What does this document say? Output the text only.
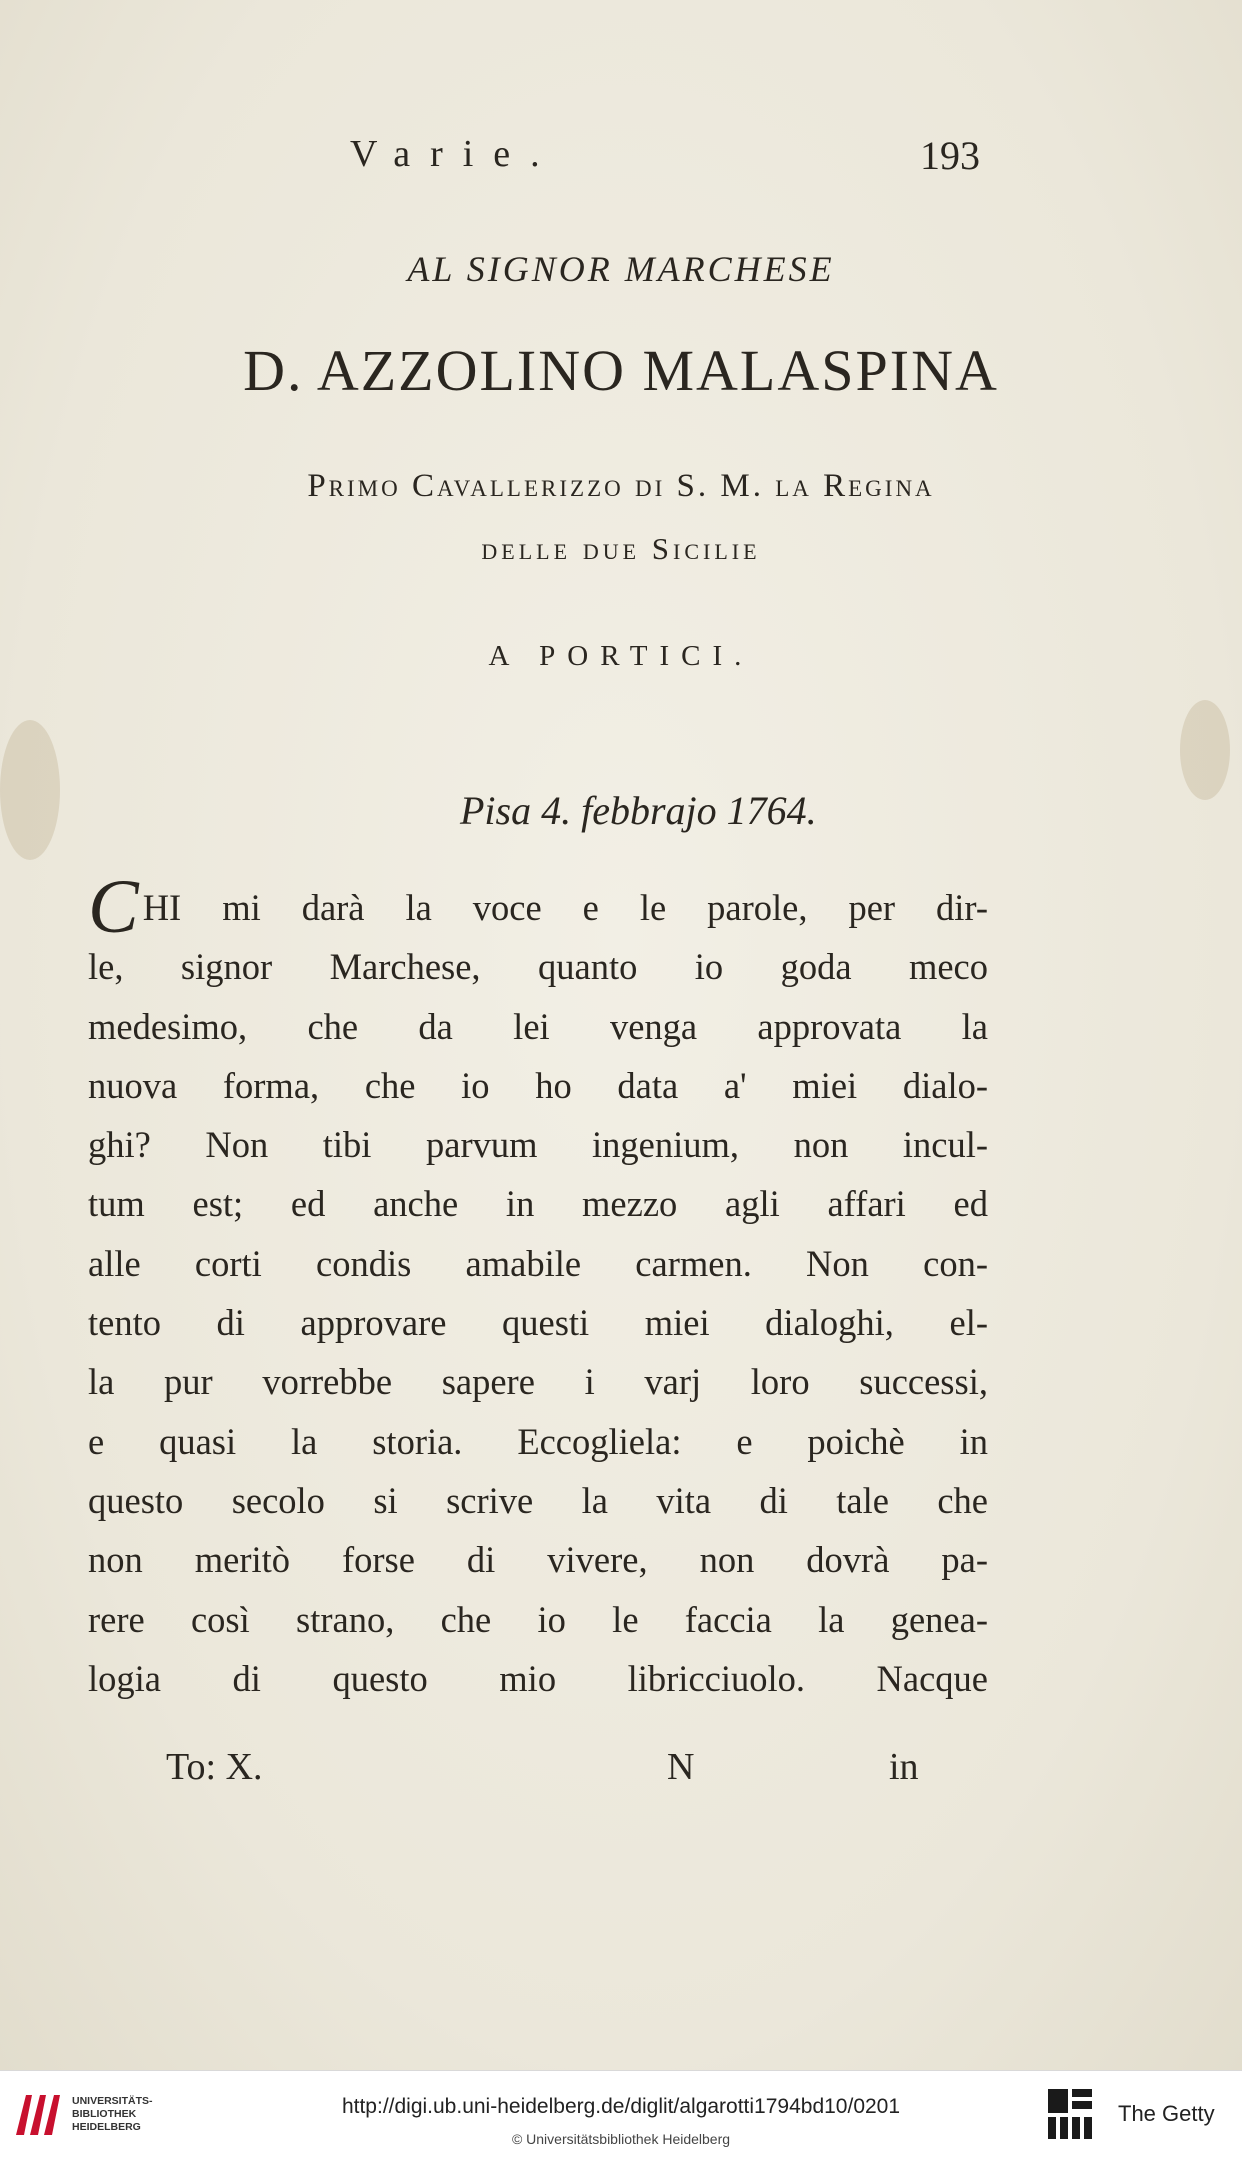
Varie.	193
AL SIGNOR MARCHESE
D. AZZOLINO MALASPINA
Primo Cavallerizzo di S. M. la Regina
delle due Sicilie
A PORTICI.
Pisa 4. febbrajo 1764.
C HI mi darà la voce e le parole, per dir-
le, signor Marchese, quanto io goda meco
medesimo, che da lei venga approvata la
nuova forma, che io ho data a' miei dialo-
ghi? Non tibi parvum ingenium, non incul-
tum est; ed anche in mezzo agli affari ed
alle corti condis amabile carmen. Non con-
tento di approvare questi miei dialoghi, el-
la pur vorrebbe sapere i varj loro successi,
e quasi la storia. Eccogliela: e poichè in
questo secolo si scrive la vita di tale che
non meritò forse di vivere, non dovrà pa-
rere così strano, che io le faccia la genea-
logia di questo mio libricciuolo. Nacque
To: X.	N	in
UNIVERSITÄTS-
BIBLIOTHEK
HEIDELBERG
http://digi.ub.uni-heidelberg.de/diglit/algarotti1794bd10/0201
© Universitätsbibliothek Heidelberg
The Getty
